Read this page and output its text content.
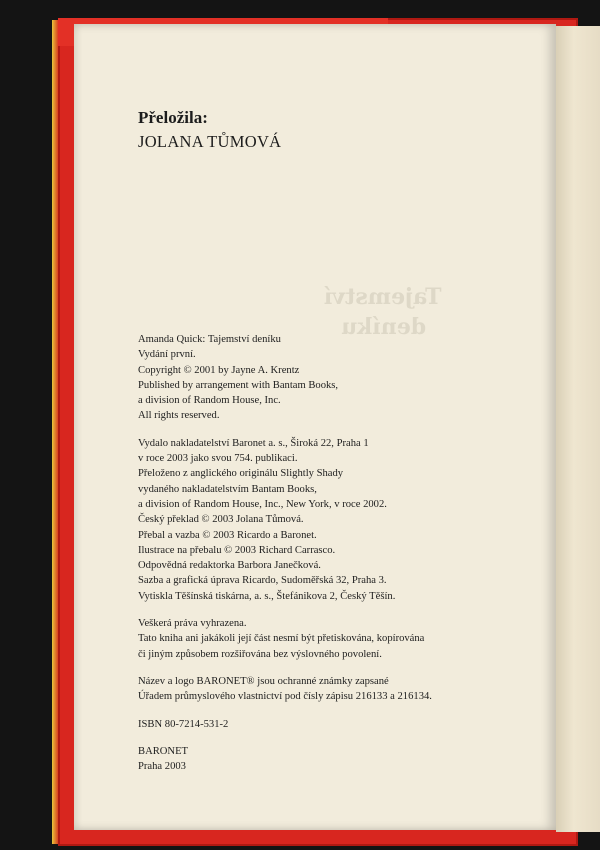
Tajemství
deníku
Přeložila:
JOLANA TŮMOVÁ
Amanda Quick: Tajemství deníku
Vydání první.
Copyright © 2001 by Jayne A. Krentz
Published by arrangement with Bantam Books,
a division of Random House, Inc.
All rights reserved.
Vydalo nakladatelství Baronet a. s., Široká 22, Praha 1
v roce 2003 jako svou 754. publikaci.
Přeloženo z anglického originálu Slightly Shady
vydaného nakladatelstvím Bantam Books,
a division of Random House, Inc., New York, v roce 2002.
Český překlad © 2003 Jolana Tůmová.
Přebal a vazba © 2003 Ricardo a Baronet.
Ilustrace na přebalu © 2003 Richard Carrasco.
Odpovědná redaktorka Barbora Janečková.
Sazba a grafická úprava Ricardo, Sudoměřská 32, Praha 3.
Vytiskla Těšínská tiskárna, a. s., Štefánikova 2, Český Těšín.
Veškerá práva vyhrazena.
Tato kniha ani jakákoli její část nesmí být přetiskována, kopírována
či jiným způsobem rozšiřována bez výslovného povolení.
Název a logo BARONET® jsou ochranné známky zapsané
Úřadem průmyslového vlastnictví pod čísly zápisu 216133 a 216134.
ISBN 80-7214-531-2
BARONET
Praha 2003
